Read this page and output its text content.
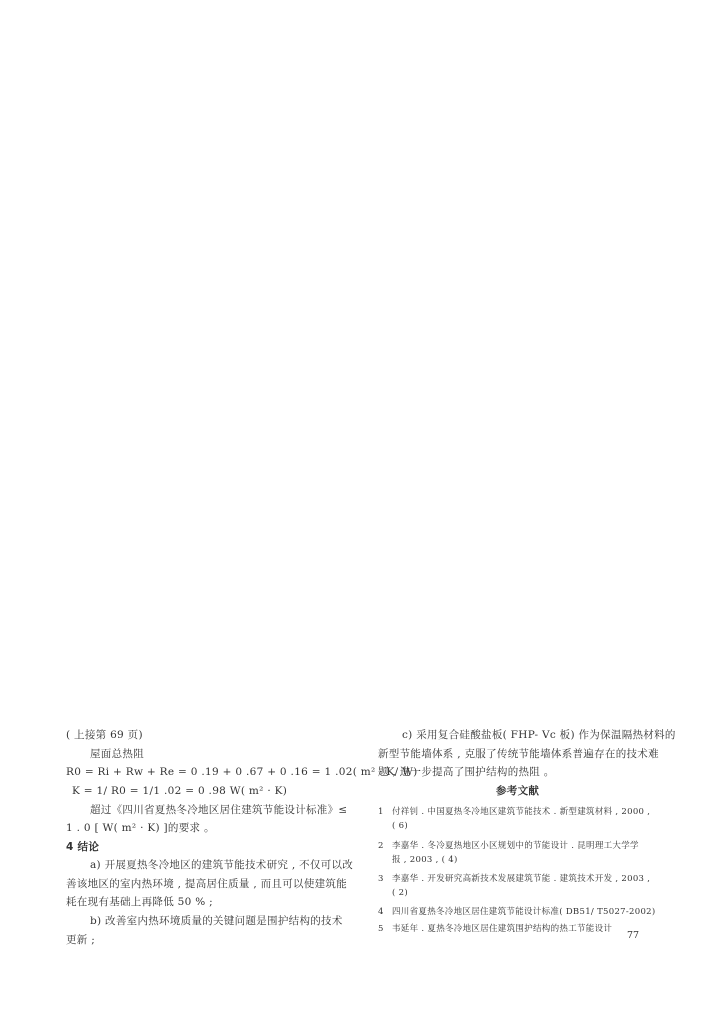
( 上接第 69 页)
屋面总热阻
R0 = Ri + Rw + Re = 0 .19 + 0 .67 + 0 .16 = 1 .02( m² · K/ W)
K = 1/ R0 = 1/1 .02 = 0 .98 W( m² · K)
超过《四川省夏热冬冷地区居住建筑节能设计标准》≤
1 . 0 [ W( m² · K) ]的要求 。
4 结论
a) 开展夏热冬冷地区的建筑节能技术研究 , 不仅可以改
善该地区的室内热环境 , 提高居住质量 , 而且可以使建筑能
耗在现有基础上再降低 50 % ;
b) 改善室内热环境质量的关键问题是围护结构的技术
更新 ;
c) 采用复合硅酸盐板( FHP- Vc 板) 作为保温隔热材料的
新型节能墙体系 , 克服了传统节能墙体系普遍存在的技术难
题 , 进一步提高了围护结构的热阻 。
参考文献
1 付祥钊 . 中国夏热冬冷地区建筑节能技术 . 新型建筑材料 , 2000 ,
( 6)
2 李嘉华 . 冬冷夏热地区小区规划中的节能设计 . 昆明理工大学学
报 , 2003 , ( 4)
3 李嘉华 . 开发研究高新技术发展建筑节能 . 建筑技术开发 , 2003 ,
( 2)
4 四川省夏热冬冷地区居住建筑节能设计标准( DB51/ T5027-2002)
5 韦延年 . 夏热冬冷地区居住建筑围护结构的热工节能设计
77
